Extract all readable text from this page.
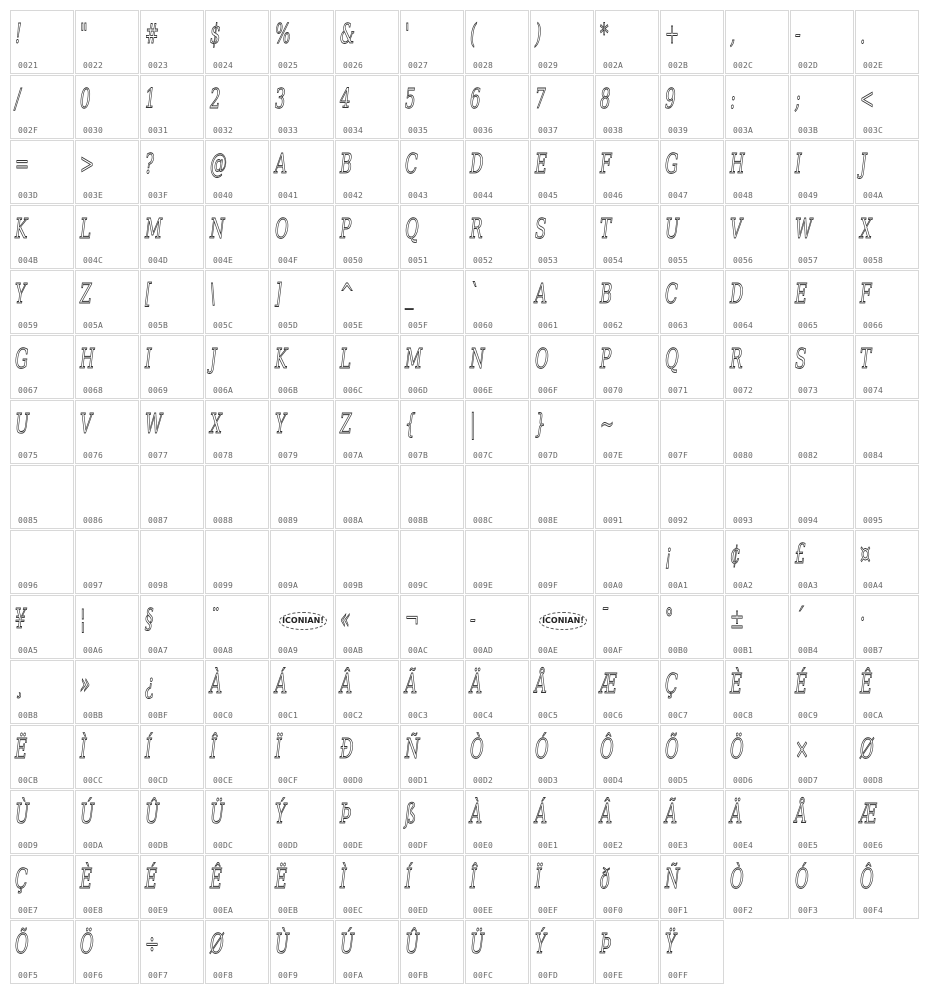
!
0021
"
0022
#
0023
$
0024
%
0025
&
0026
'
0027
(
0028
)
0029
*
002A
+
002B
,
002C
-
002D
.
002E
/
002F
0
0030
1
0031
2
0032
3
0033
4
0034
5
0035
6
0036
7
0037
8
0038
9
0039
:
003A
;
003B
<
003C
=
003D
>
003E
?
003F
@
0040
A
0041
B
0042
C
0043
D
0044
E
0045
F
0046
G
0047
H
0048
I
0049
J
004A
K
004B
L
004C
M
004D
N
004E
O
004F
P
0050
Q
0051
R
0052
S
0053
T
0054
U
0055
V
0056
W
0057
X
0058
Y
0059
Z
005A
[
005B
\
005C
]
005D
^
005E
_
005F
`
0060
A
0061
B
0062
C
0063
D
0064
E
0065
F
0066
G
0067
H
0068
I
0069
J
006A
K
006B
L
006C
M
006D
N
006E
O
006F
P
0070
Q
0071
R
0072
S
0073
T
0074
U
0075
V
0076
W
0077
X
0078
Y
0079
Z
007A
{
007B
|
007C
}
007D
~
007E	007F	0080	0082	0084
0085	0086	0087	0088	0089	008A	008B	008C	008E	0091	0092	0093	0094	0095
0096	0097	0098	0099	009A	009B	009C	009E	009F	00A0
¡
00A1
¢
00A2
£
00A3
¤
00A4
¥
00A5
¦
00A6
§
00A7
¨
00A8
ICONIAN!
00A9
«
00AB
¬
00AC
-
00AD
ICONIAN!
00AE
¯
00AF
°
00B0
±
00B1
´
00B4
·
00B7
¸
00B8
»
00BB
¿
00BF
À
00C0
Á
00C1
Â
00C2
Ã
00C3
Ä
00C4
Å
00C5
Æ
00C6
Ç
00C7
È
00C8
É
00C9
Ê
00CA
Ë
00CB
Ì
00CC
Í
00CD
Î
00CE
Ï
00CF
Ð
00D0
Ñ
00D1
Ò
00D2
Ó
00D3
Ô
00D4
Õ
00D5
Ö
00D6
×
00D7
Ø
00D8
Ù
00D9
Ú
00DA
Û
00DB
Ü
00DC
Ý
00DD
Þ
00DE
ß
00DF
À
00E0
Á
00E1
Â
00E2
Ã
00E3
Ä
00E4
Å
00E5
Æ
00E6
Ç
00E7
È
00E8
É
00E9
Ê
00EA
Ë
00EB
Ì
00EC
Í
00ED
Î
00EE
Ï
00EF
ð
00F0
Ñ
00F1
Ò
00F2
Ó
00F3
Ô
00F4
Õ
00F5
Ö
00F6
÷
00F7
Ø
00F8
Ù
00F9
Ú
00FA
Û
00FB
Ü
00FC
Ý
00FD
Þ
00FE
Ÿ
00FF
